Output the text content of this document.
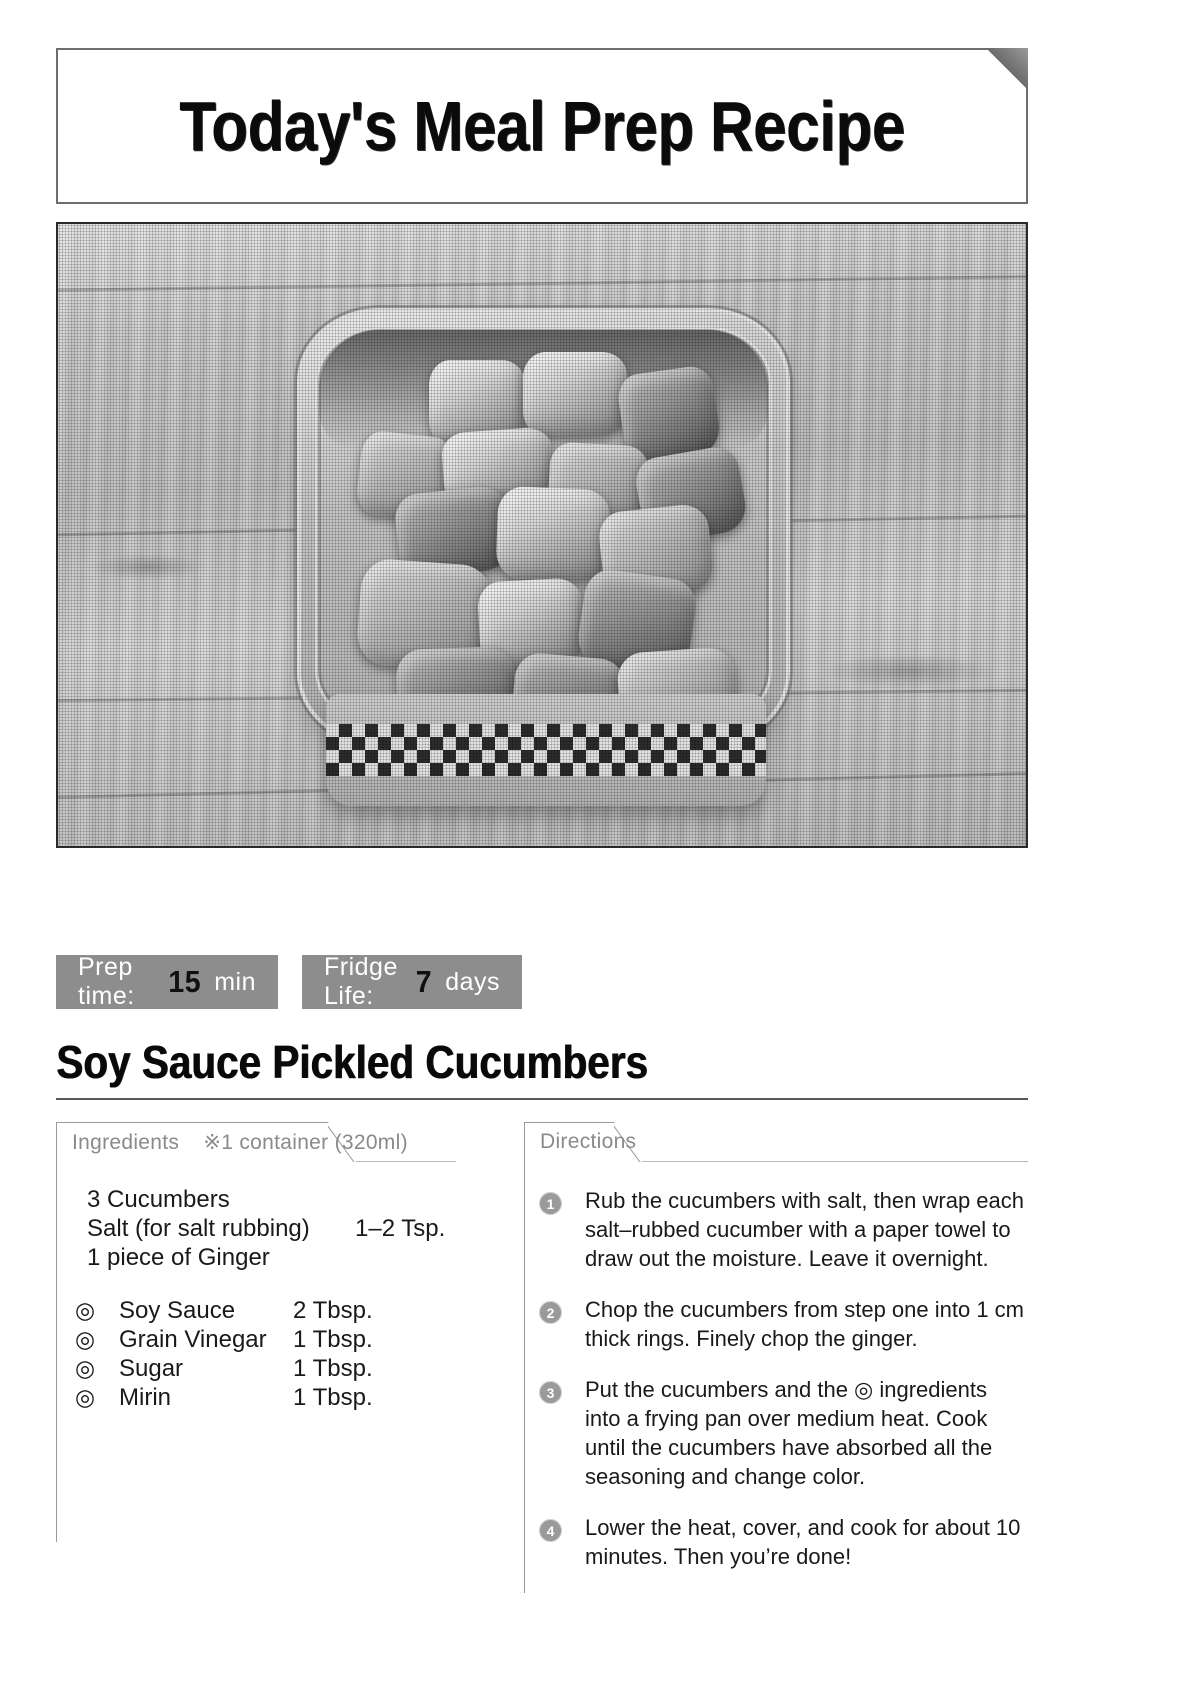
Today's Meal Prep Recipe
Prep time:	15 min
Fridge Life:	7 days
Soy Sauce Pickled Cucumbers
Ingredients ※1 container (320ml)
3 Cucumbers
Salt (for salt rubbing) 1–2 Tsp.
1 piece of Ginger
◎ Soy Sauce 2 Tbsp.
◎ Grain Vinegar 1 Tbsp.
◎ Sugar	1 Tbsp.
◎ Mirin	1 Tbsp.
Directions
1	Rub the cucumbers with salt, then wrap each salt–rubbed cucumber with a paper towel to draw out the moisture. Leave it overnight.
2	Chop the cucumbers from step one into 1 cm thick rings. Finely chop the ginger.
3	Put the cucumbers and the ◎ ingredients into a frying pan over medium heat. Cook until the cucumbers have absorbed all the seasoning and change color.
4	Lower the heat, cover, and cook for about 10 minutes. Then you’re done!
